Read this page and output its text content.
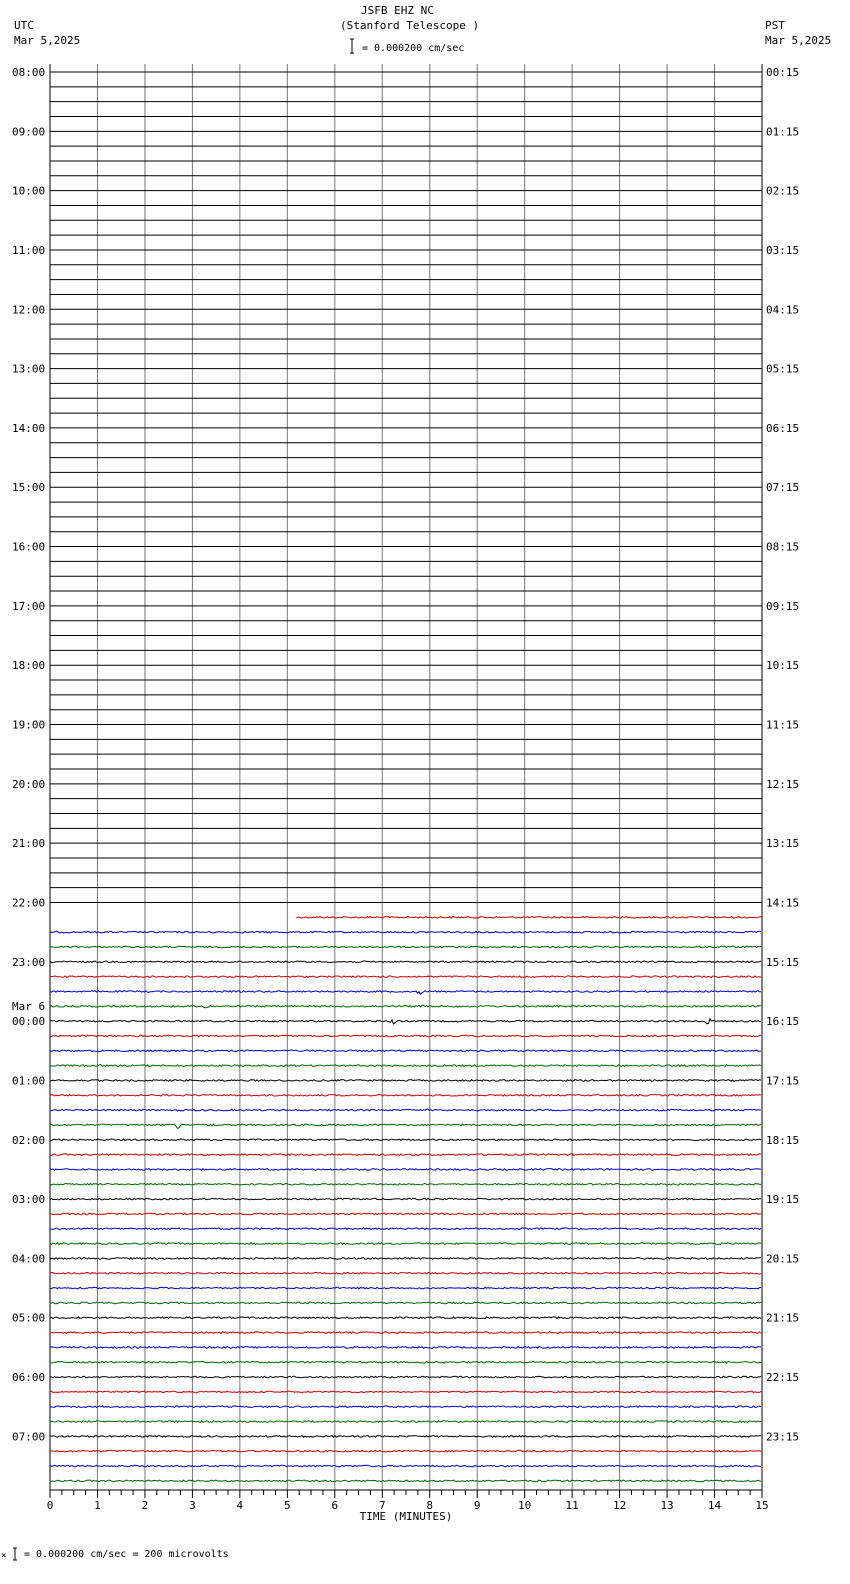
JSFB EHZ NC
(Stanford Telescope )
UTC
Mar 5,2025
PST
Mar 5,2025
= 0.000200 cm/sec
× = 0.000200 cm/sec = 200 microvolts
0	1	2	3	4	5	6	7	8	9	10	11	12	13	14	15
TIME (MINUTES)
08:00	00:15
09:00	01:15
10:00	02:15
11:00	03:15
12:00	04:15
13:00	05:15
14:00	06:15
15:00	07:15
16:00	08:15
17:00	09:15
18:00	10:15
19:00	11:15
20:00	12:15
21:00	13:15
22:00	14:15
23:00	15:15
00:00	16:15
Mar 6
01:00	17:15
02:00	18:15
03:00	19:15
04:00	20:15
05:00	21:15
06:00	22:15
07:00	23:15
